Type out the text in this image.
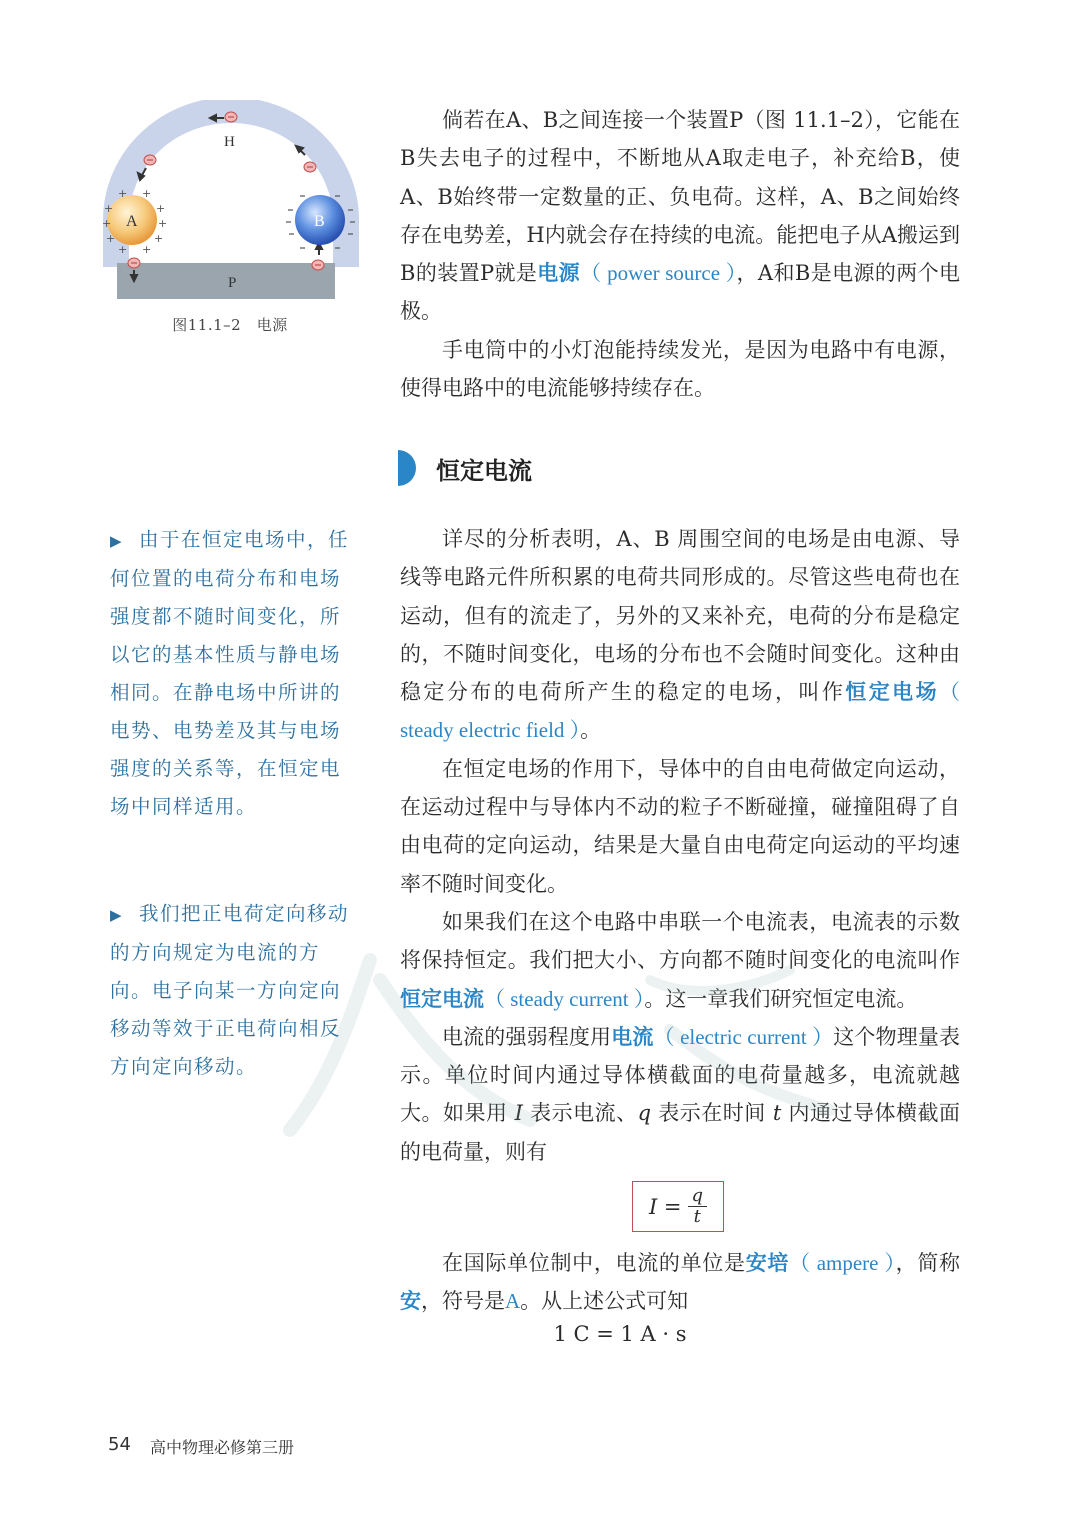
P
H
A
+
+
+
+ +
+
+
+
+ +
B
图11.1–2　电源

倘若在A、B之间连接一个装置P（图 11.1–2），它能在B失去电子的过程中，不断地从A取走电子，补充给B，使A、B始终带一定数量的正、负电荷。这样，A、B之间始终存在电势差，H内就会存在持续的电流。能把电子从A搬运到B的装置P就是电源（ power source ），A和B是电源的两个电极。

手电筒中的小灯泡能持续发光，是因为电路中有电源，使得电路中的电流能够持续存在。

恒定电流

详尽的分析表明，A、B 周围空间的电场是由电源、导线等电路元件所积累的电荷共同形成的。尽管这些电荷也在运动，但有的流走了，另外的又来补充，电荷的分布是稳定的，不随时间变化，电场的分布也不会随时间变化。这种由稳定分布的电荷所产生的稳定的电场，叫作恒定电场（ steady electric field ）。

在恒定电场的作用下，导体中的自由电荷做定向运动，在运动过程中与导体内不动的粒子不断碰撞，碰撞阻碍了自由电荷的定向运动，结果是大量自由电荷定向运动的平均速率不随时间变化。

如果我们在这个电路中串联一个电流表，电流表的示数将保持恒定。我们把大小、方向都不随时间变化的电流叫作恒定电流（ steady current ）。这一章我们研究恒定电流。

电流的强弱程度用电流（ electric current ）这个物理量表示。单位时间内通过导体横截面的电荷量越多，电流就越大。如果用 I 表示电流、q 表示在时间 t 内通过导体横截面的电荷量，则有

$I = \frac{q}{t}$

在国际单位制中，电流的单位是安培（ ampere ），简称安，符号是A。从上述公式可知

1 C = 1 A · s
▶ 由于在恒定电场中，任何位置的电荷分布和电场强度都不随时间变化，所以它的基本性质与静电场相同。在静电场中所讲的电势、电势差及其与电场强度的关系等，在恒定电场中同样适用。
▶ 我们把正电荷定向移动的方向规定为电流的方向。电子向某一方向定向移动等效于正电荷向相反方向定向移动。
54 高中物理必修第三册
